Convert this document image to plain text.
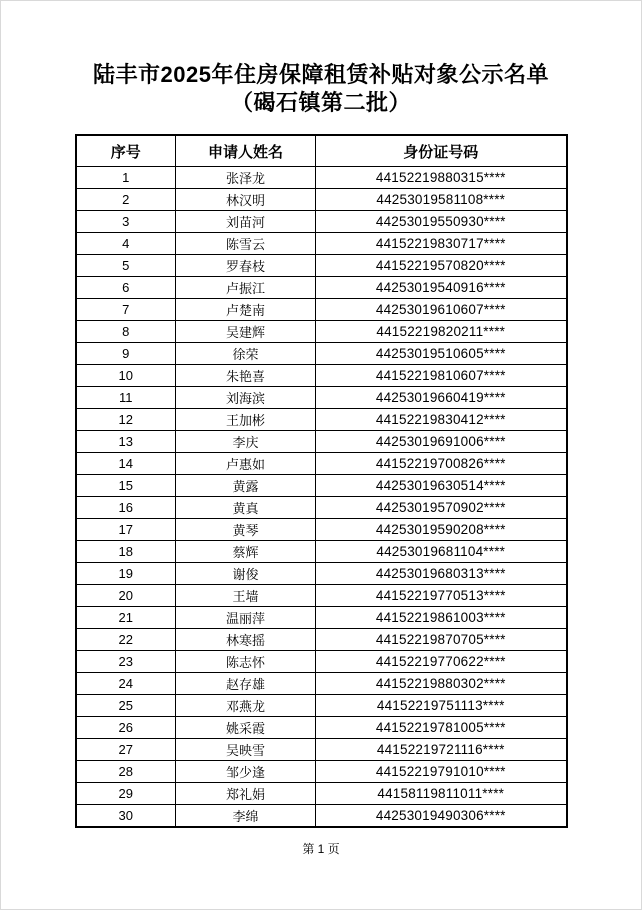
陆丰市2025年住房保障租赁补贴对象公示名单
（碣石镇第二批）
序号	申请人姓名	身份证号码
1	张泽龙	44152219880315****
2	林汉明	44253019581108****
3	刘苗河	44253019550930****
4	陈雪云	44152219830717****
5	罗春枝	44152219570820****
6	卢振江	44253019540916****
7	卢楚南	44253019610607****
8	吴建辉	44152219820211****
9	徐荣	44253019510605****
10	朱艳喜	44152219810607****
11	刘海滨	44253019660419****
12	王加彬	44152219830412****
13	李庆	44253019691006****
14	卢惠如	44152219700826****
15	黄露	44253019630514****
16	黄真	44253019570902****
17	黄琴	44253019590208****
18	蔡辉	44253019681104****
19	谢俊	44253019680313****
20	王墙	44152219770513****
21	温丽萍	44152219861003****
22	林寒摇	44152219870705****
23	陈志怀	44152219770622****
24	赵存雄	44152219880302****
25	邓燕龙	44152219751113****
26	姚采霞	44152219781005****
27	吴映雪	44152219721116****
28	邹少逢	44152219791010****
29	郑礼娟	44158119811011****
30	李绵	44253019490306****
第 1 页
